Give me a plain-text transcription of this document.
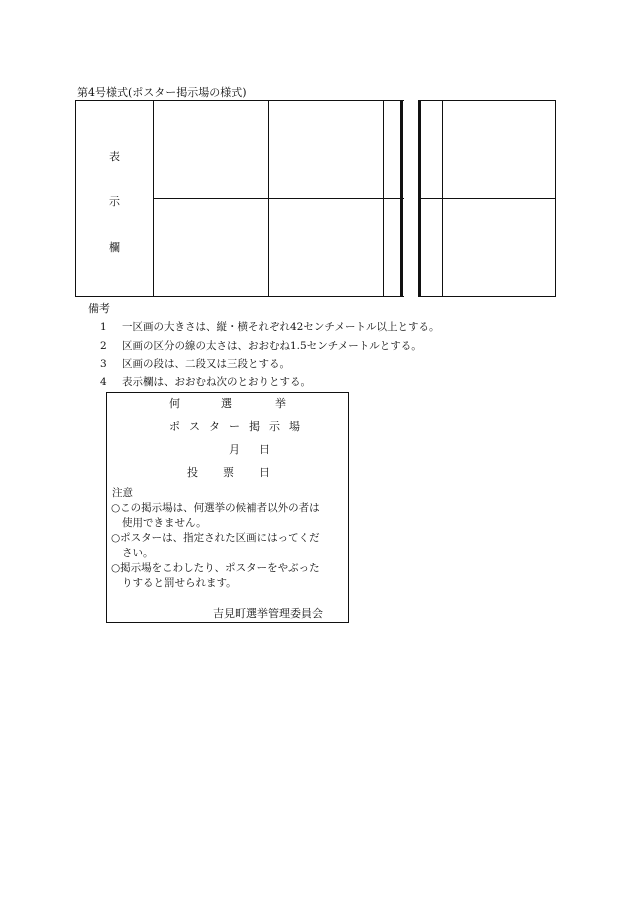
第4号様式(ポスター掲示場の様式)
表
示
欄
備考
1 一区画の大きさは、縦・横それぞれ42センチメートル以上とする。
2 区画の区分の線の太さは、おおむね1.5センチメートルとする。
3 区画の段は、二段又は三段とする。
4 表示欄は、おおむね次のとおりとする。
何	選	挙
ポ ス タ ー 掲 示 場
月 日
投 票 日
注意
○この掲示場は、何選挙の候補者以外の者は
使用できません。
○ポスターは、指定された区画にはってくだ
さい。
○掲示場をこわしたり、ポスターをやぶった
りすると罰せられます。
吉見町選挙管理委員会
